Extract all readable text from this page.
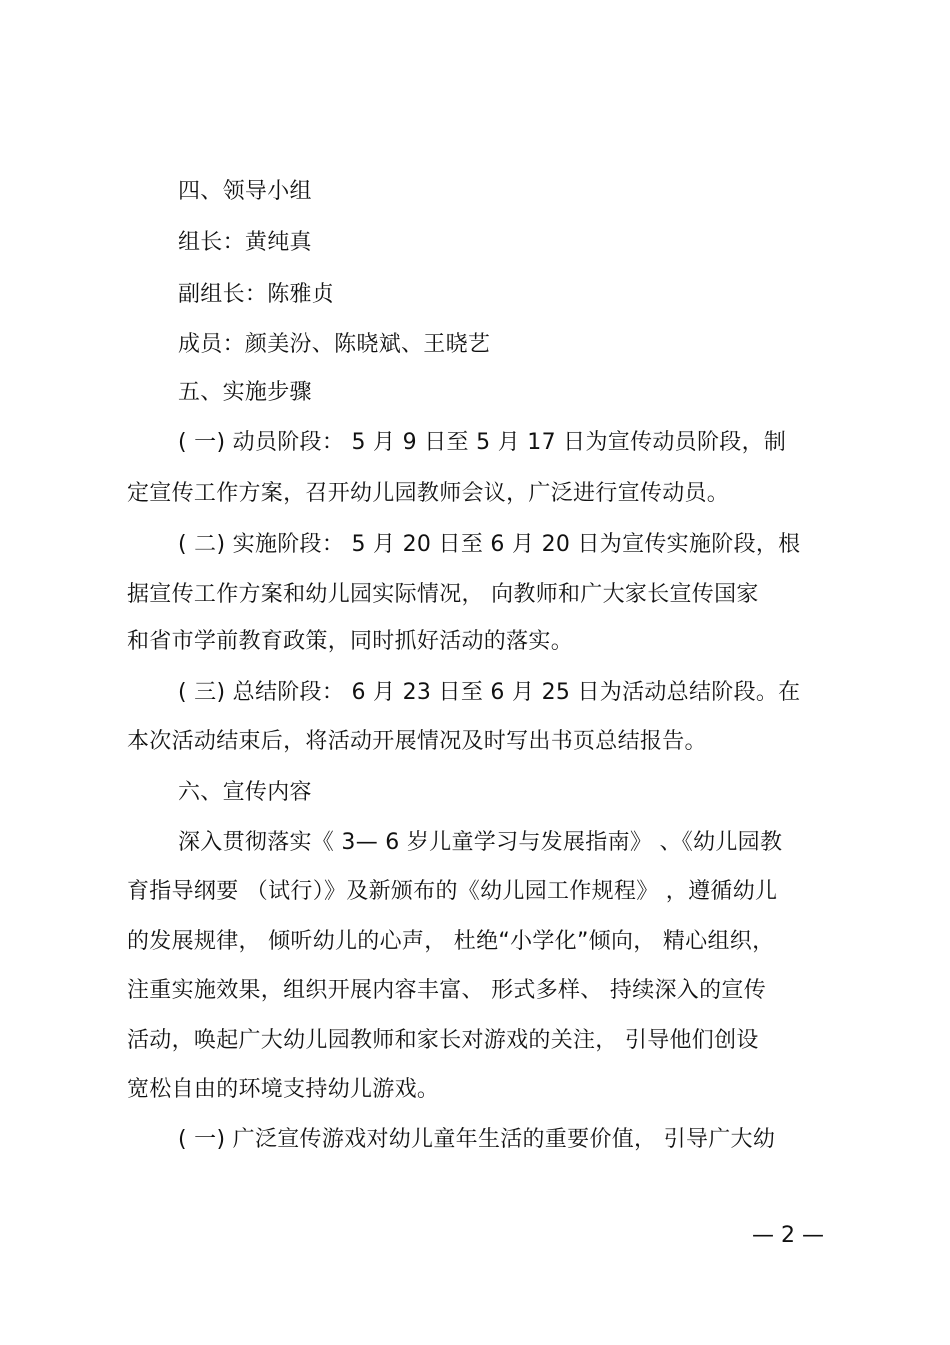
四、领导小组
组长：黄纯真
副组长：陈雅贞
成员：颜美汾、陈晓斌、王晓艺
五、实施步骤
( 一) 动员阶段： 5 月 9 日至 5 月 17 日为宣传动员阶段，制
定宣传工作方案，召开幼儿园教师会议，广泛进行宣传动员。
( 二) 实施阶段： 5 月 20 日至 6 月 20 日为宣传实施阶段，根
据宣传工作方案和幼儿园实际情况， 向教师和广大家长宣传国家
和省市学前教育政策，同时抓好活动的落实。
( 三) 总结阶段： 6 月 23 日至 6 月 25 日为活动总结阶段。在
本次活动结束后，将活动开展情况及时写出书页总结报告。
六、宣传内容
深入贯彻落实《 3— 6 岁儿童学习与发展指南》 、《幼儿园教
育指导纲要 （试行）》及新颁布的《幼儿园工作规程》 ，遵循幼儿
的发展规律， 倾听幼儿的心声， 杜绝“小学化”倾向， 精心组织，
注重实施效果，组织开展内容丰富、 形式多样、 持续深入的宣传
活动，唤起广大幼儿园教师和家长对游戏的关注， 引导他们创设
宽松自由的环境支持幼儿游戏。
( 一) 广泛宣传游戏对幼儿童年生活的重要价值， 引导广大幼
— 2 —
